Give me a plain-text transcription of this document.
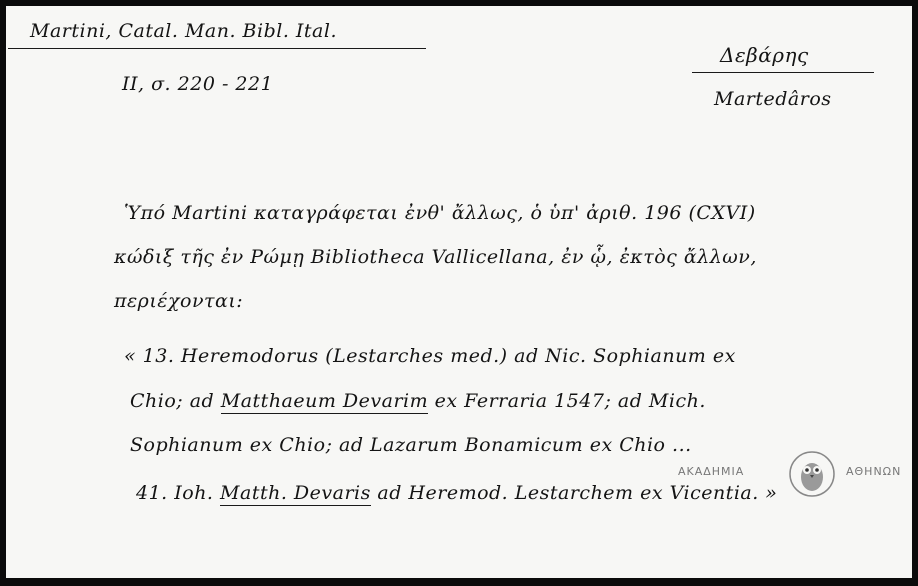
Martini, Catal. Man. Bibl. Ital.
II, σ. 220 - 221
Δεβάρης
Martedâros
Ὑπό Martini καταγράφεται ἐνθ' ἄλλως, ὁ ὑπ' ἀριθ. 196 (CXVI)
κώδιξ τῆς ἐν Ρώμῃ Bibliotheca Vallicellana, ἐν ᾧ, ἐκτὸς ἄλλων,
περιέχονται:
« 13. Heremodorus (Lestarches med.) ad Nic. Sophianum ex
Chio; ad Matthaeum Devarim ex Ferraria 1547; ad Mich.
Sophianum ex Chio; ad Lazarum Bonamicum ex Chio ...
41. Ioh. Matth. Devaris ad Heremod. Lestarchem ex Vicentia. »
ΑΚΑΔΗΜΙΑ	ΑΘΗΝΩΝ
